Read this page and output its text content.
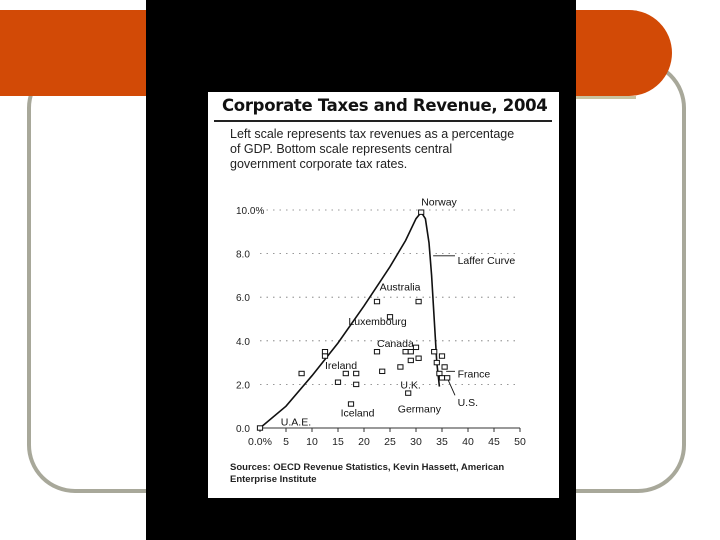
Corporate Taxes and Revenue, 2004
Left scale represents tax revenues as a percentage
of GDP. Bottom scale represents central
government corporate tax rates.
0.0
2.0
4.0
6.0
8.0
10.0%
0.0% 5 10 15 20 25 30 35 40 45 50
Norway
Laffer Curve
Australia
Luxembourg
Canada
Ireland
U.K.
France
Iceland Germany
U.S.
U.A.E.
Sources: OECD Revenue Statistics, Kevin Hassett, American
Enterprise Institute
